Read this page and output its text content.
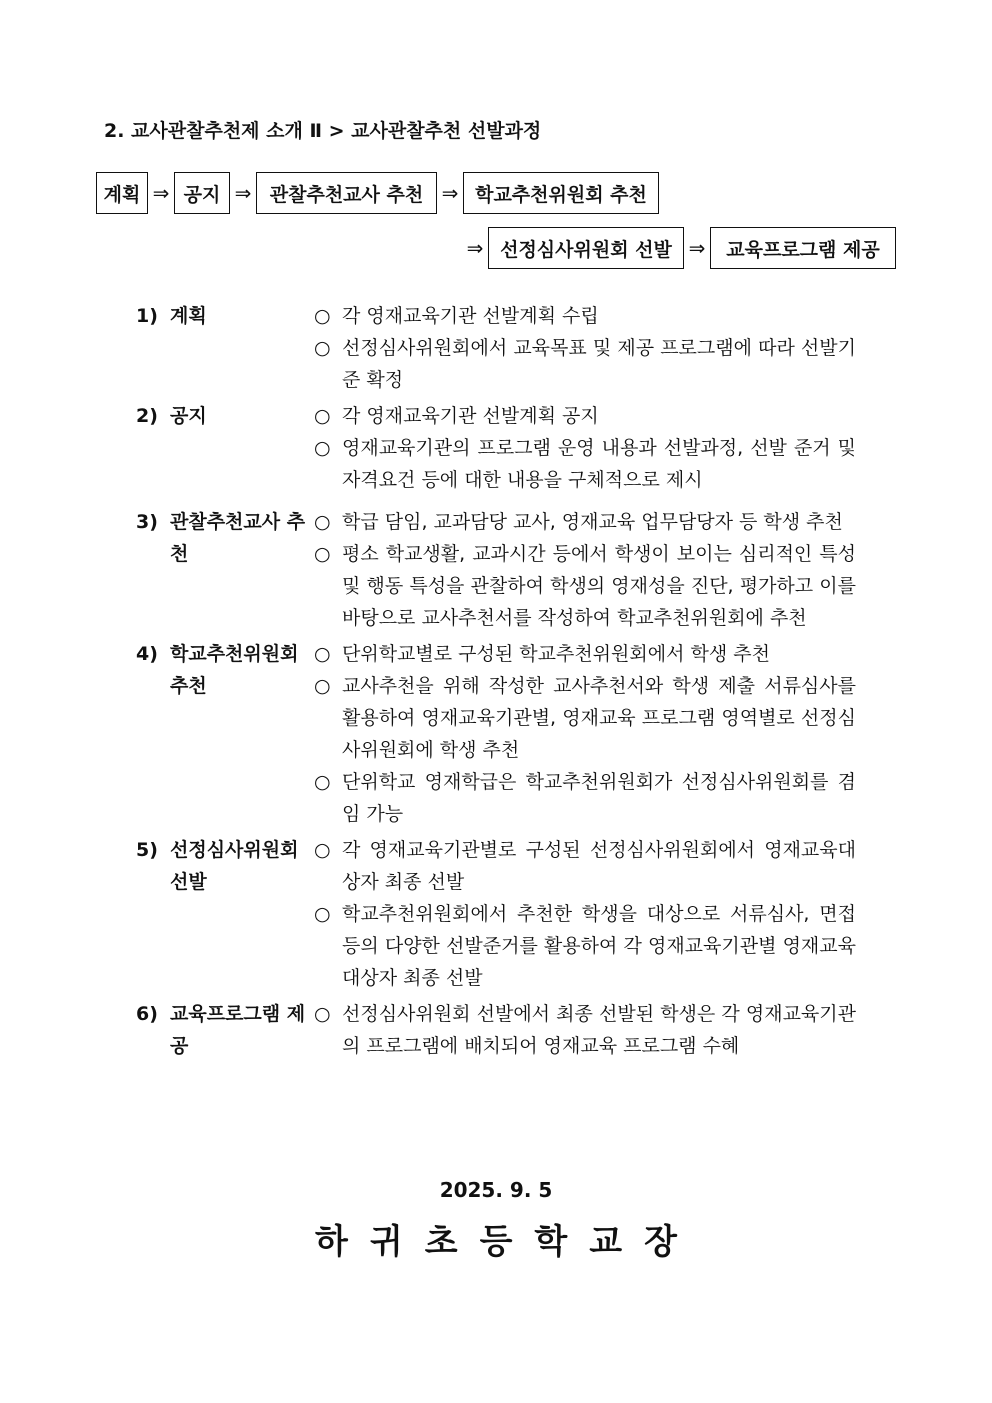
2. 교사관찰추천제 소개 Ⅱ > 교사관찰추천 선발과정
계획 ⇒ 공지 ⇒ 관찰추천교사 추천 ⇒ 학교추천위원회 추천
⇒ 선정심사위원회 선발 ⇒	교육프로그램 제공
1) 계획	○ 각 영재교육기관 선발계획 수립
○ 선정심사위원회에서 교육목표 및 제공 프로그램에 따라 선발기준 확정
2) 공지	○ 각 영재교육기관 선발계획 공지
○ 영재교육기관의 프로그램 운영 내용과 선발과정, 선발 준거 및 자격요건 등에 대한 내용을 구체적으로 제시
3) 관찰추천교사 추천
○ 학급 담임, 교과담당 교사, 영재교육 업무담당자 등 학생 추천
○ 평소 학교생활, 교과시간 등에서 학생이 보이는 심리적인 특성 및 행동 특성을 관찰하여 학생의 영재성을 진단, 평가하고 이를 바탕으로 교사추천서를 작성하여 학교추천위원회에 추천
4) 학교추천위원회 추천
○ 단위학교별로 구성된 학교추천위원회에서 학생 추천
○ 교사추천을 위해 작성한 교사추천서와 학생 제출 서류심사를 활용하여 영재교육기관별, 영재교육 프로그램 영역별로 선정심사위원회에 학생 추천
○ 단위학교 영재학급은 학교추천위원회가 선정심사위원회를 겸임 가능
5) 선정심사위원회 선발
○ 각 영재교육기관별로 구성된 선정심사위원회에서 영재교육대상자 최종 선발
○ 학교추천위원회에서 추천한 학생을 대상으로 서류심사, 면접 등의 다양한 선발준거를 활용하여 각 영재교육기관별 영재교육대상자 최종 선발
6) 교육프로그램 제공
○ 선정심사위원회 선발에서 최종 선발된 학생은 각 영재교육기관의 프로그램에 배치되어 영재교육 프로그램 수혜
2025. 9. 5
하귀초등학교장
